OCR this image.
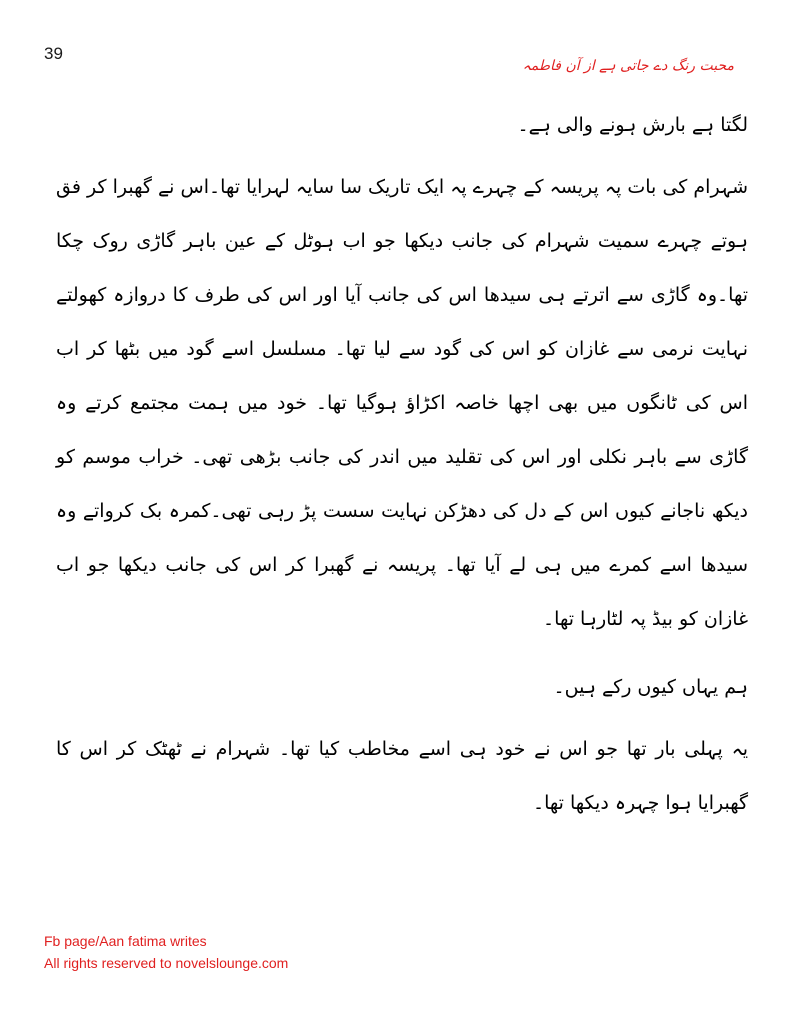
39
محبت رنگ دے جاتی ہے از آن فاطمہ

لگتا ہے بارش ہونے والی ہے۔

شہرام کی بات پہ پریسہ کے چہرے پہ ایک تاریک سا سایہ لہرایا تھا۔اس نے گھبرا کر فق ہوتے چہرے سمیت شہرام کی جانب دیکھا جو اب ہوٹل کے عین باہر گاڑی روک چکا تھا۔وہ گاڑی سے اترتے ہی سیدھا اس کی جانب آیا اور اس کی طرف کا دروازہ کھولتے نہایت نرمی سے غازان کو اس کی گود سے لیا تھا۔ مسلسل اسے گود میں بٹھا کر اب اس کی ٹانگوں میں بھی اچھا خاصہ اکڑاؤ ہوگیا تھا۔ خود میں ہمت مجتمع کرتے وہ گاڑی سے باہر نکلی اور اس کی تقلید میں اندر کی جانب بڑھی تھی۔ خراب موسم کو دیکھ ناجانے کیوں اس کے دل کی دھڑکن نہایت سست پڑ رہی تھی۔کمرہ بک کرواتے وہ سیدھا اسے کمرے میں ہی لے آیا تھا۔ پریسہ نے گھبرا کر اس کی جانب دیکھا جو اب غازان کو بیڈ پہ لٹارہا تھا۔

ہم یہاں کیوں رکے ہیں۔

یہ پہلی بار تھا جو اس نے خود ہی اسے مخاطب کیا تھا۔ شہرام نے ٹھٹک کر اس کا گھبرایا ہوا چہرہ دیکھا تھا۔

Fb page/Aan fatima writes
All rights reserved to novelslounge.com
